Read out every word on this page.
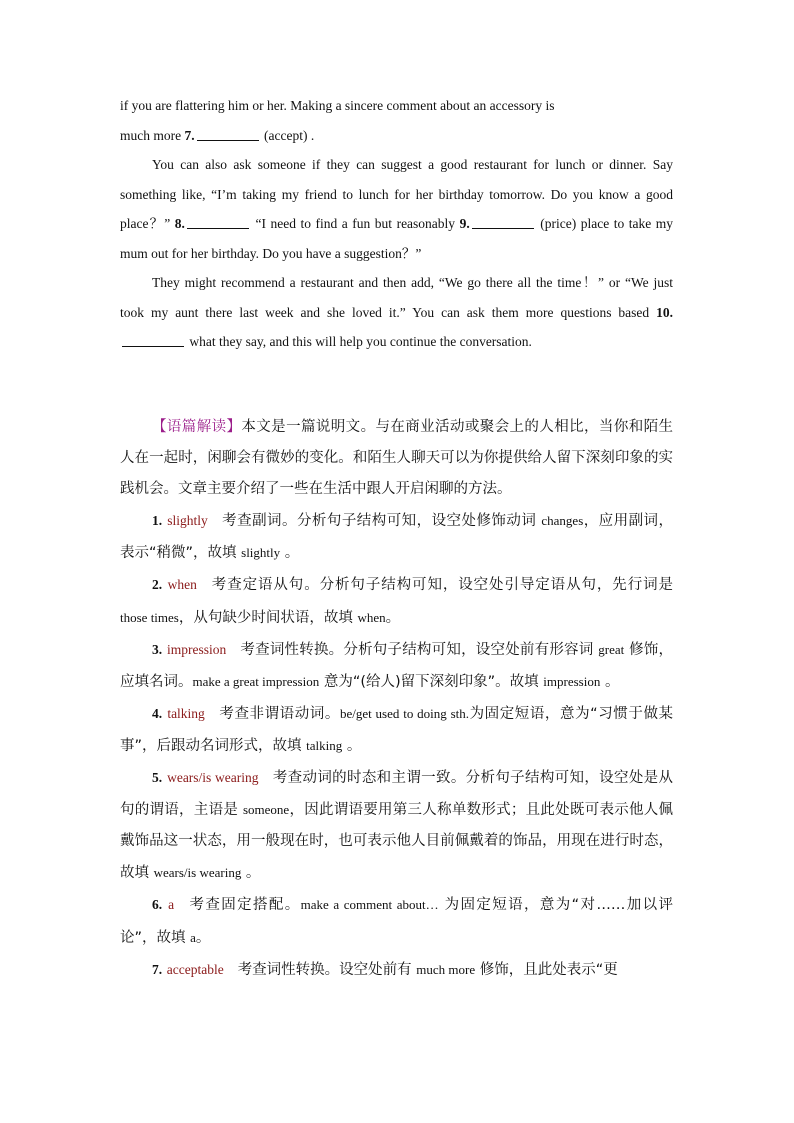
if you are flattering him or her. Making a sincere comment about an accessory is
much more 7.	(accept) .

You can also ask someone if they can suggest a good restaurant for lunch or dinner. Say something like, “I’m taking my friend to lunch for her birthday tomorrow. Do you know a good place？” 8.	“I need to find a fun but reasonably 9.	(price) place to take my mum out for her birthday. Do you have a suggestion？”

They might recommend a restaurant and then add, “We go there all the time！” or “We just took my aunt there last week and she loved it.” You can ask them more questions based 10. what they say, and this will help you continue the conversation.

【语篇解读】本文是一篇说明文。与在商业活动或聚会上的人相比，当你和陌生人在一起时，闲聊会有微妙的变化。和陌生人聊天可以为你提供给人留下深刻印象的实践机会。文章主要介绍了一些在生活中跟人开启闲聊的方法。

1. slightly 考查副词。分析句子结构可知，设空处修饰动词 changes，应用副词，表示“稍微”，故填 slightly 。

2. when 考查定语从句。分析句子结构可知，设空处引导定语从句，先行词是 those times，从句缺少时间状语，故填 when。

3. impression 考查词性转换。分析句子结构可知，设空处前有形容词 great 修饰，应填名词。make a great impression 意为“(给人)留下深刻印象”。故填 impression 。

4. talking 考查非谓语动词。be/get used to doing sth.为固定短语，意为“习惯于做某事”，后跟动名词形式，故填 talking 。

5. wears/is wearing 考查动词的时态和主谓一致。分析句子结构可知，设空处是从句的谓语，主语是 someone，因此谓语要用第三人称单数形式；且此处既可表示他人佩戴饰品这一状态，用一般现在时，也可表示他人目前佩戴着的饰品，用现在进行时态，故填 wears/is wearing 。

6. a 考查固定搭配。make a comment about… 为固定短语，意为“对……加以评论”，故填 a。

7. acceptable 考查词性转换。设空处前有 much more 修饰，且此处表示“更
